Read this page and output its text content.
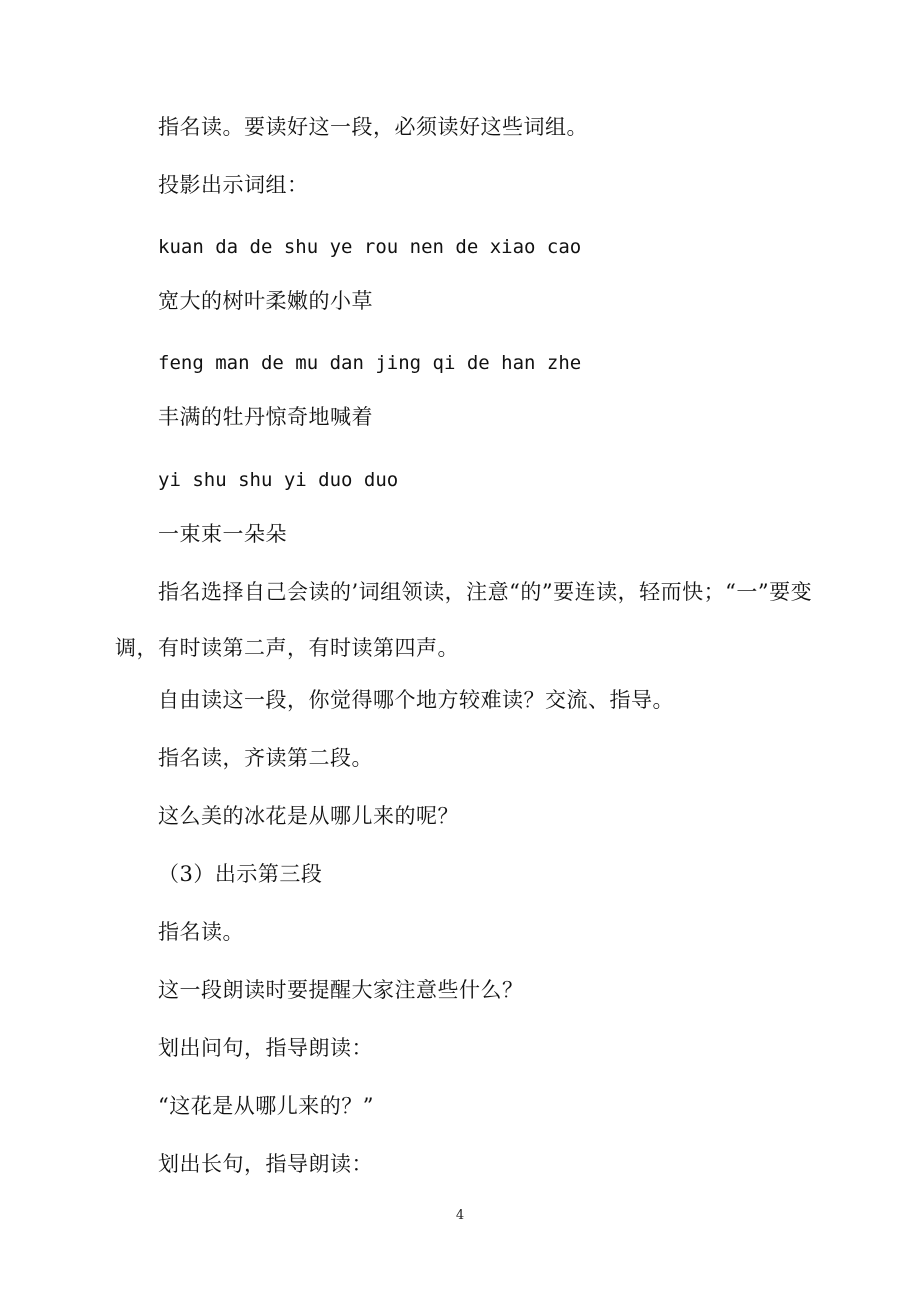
指名读。要读好这一段，必须读好这些词组。
投影出示词组：
kuan da de shu ye rou nen de xiao cao
宽大的树叶柔嫩的小草
feng man de mu dan jing qi de han zhe
丰满的牡丹惊奇地喊着
yi shu shu yi duo duo
一束束一朵朵
指名选择自己会读的’词组领读，注意“的”要连读，轻而快；“一”要变调，有时读第二声，有时读第四声。
自由读这一段，你觉得哪个地方较难读？交流、指导。
指名读，齐读第二段。
这么美的冰花是从哪儿来的呢？
（3）出示第三段
指名读。
这一段朗读时要提醒大家注意些什么？
划出问句，指导朗读：
“这花是从哪儿来的？”
划出长句，指导朗读：
4
